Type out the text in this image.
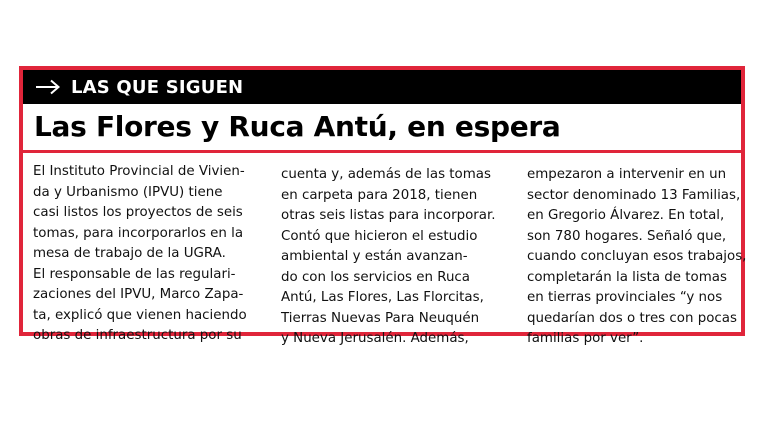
LAS QUE SIGUEN
Las Flores y Ruca Antú, en espera
El Instituto Provincial de Vivien-
da y Urbanismo (IPVU) tiene
casi listos los proyectos de seis
tomas, para incorporarlos en la
mesa de trabajo de la UGRA.
El responsable de las regulari-
zaciones del IPVU, Marco Zapa-
ta, explicó que vienen haciendo
obras de infraestructura por su
cuenta y, además de las tomas
en carpeta para 2018, tienen
otras seis listas para incorporar.
Contó que hicieron el estudio
ambiental y están avanzan-
do con los servicios en Ruca
Antú, Las Flores, Las Florcitas,
Tierras Nuevas Para Neuquén
y Nueva Jerusalén. Además,
empezaron a intervenir en un
sector denominado 13 Familias,
en Gregorio Álvarez. En total,
son 780 hogares. Señaló que,
cuando concluyan esos trabajos,
completarán la lista de tomas
en tierras provinciales “y nos
quedarían dos o tres con pocas
familias por ver”.
